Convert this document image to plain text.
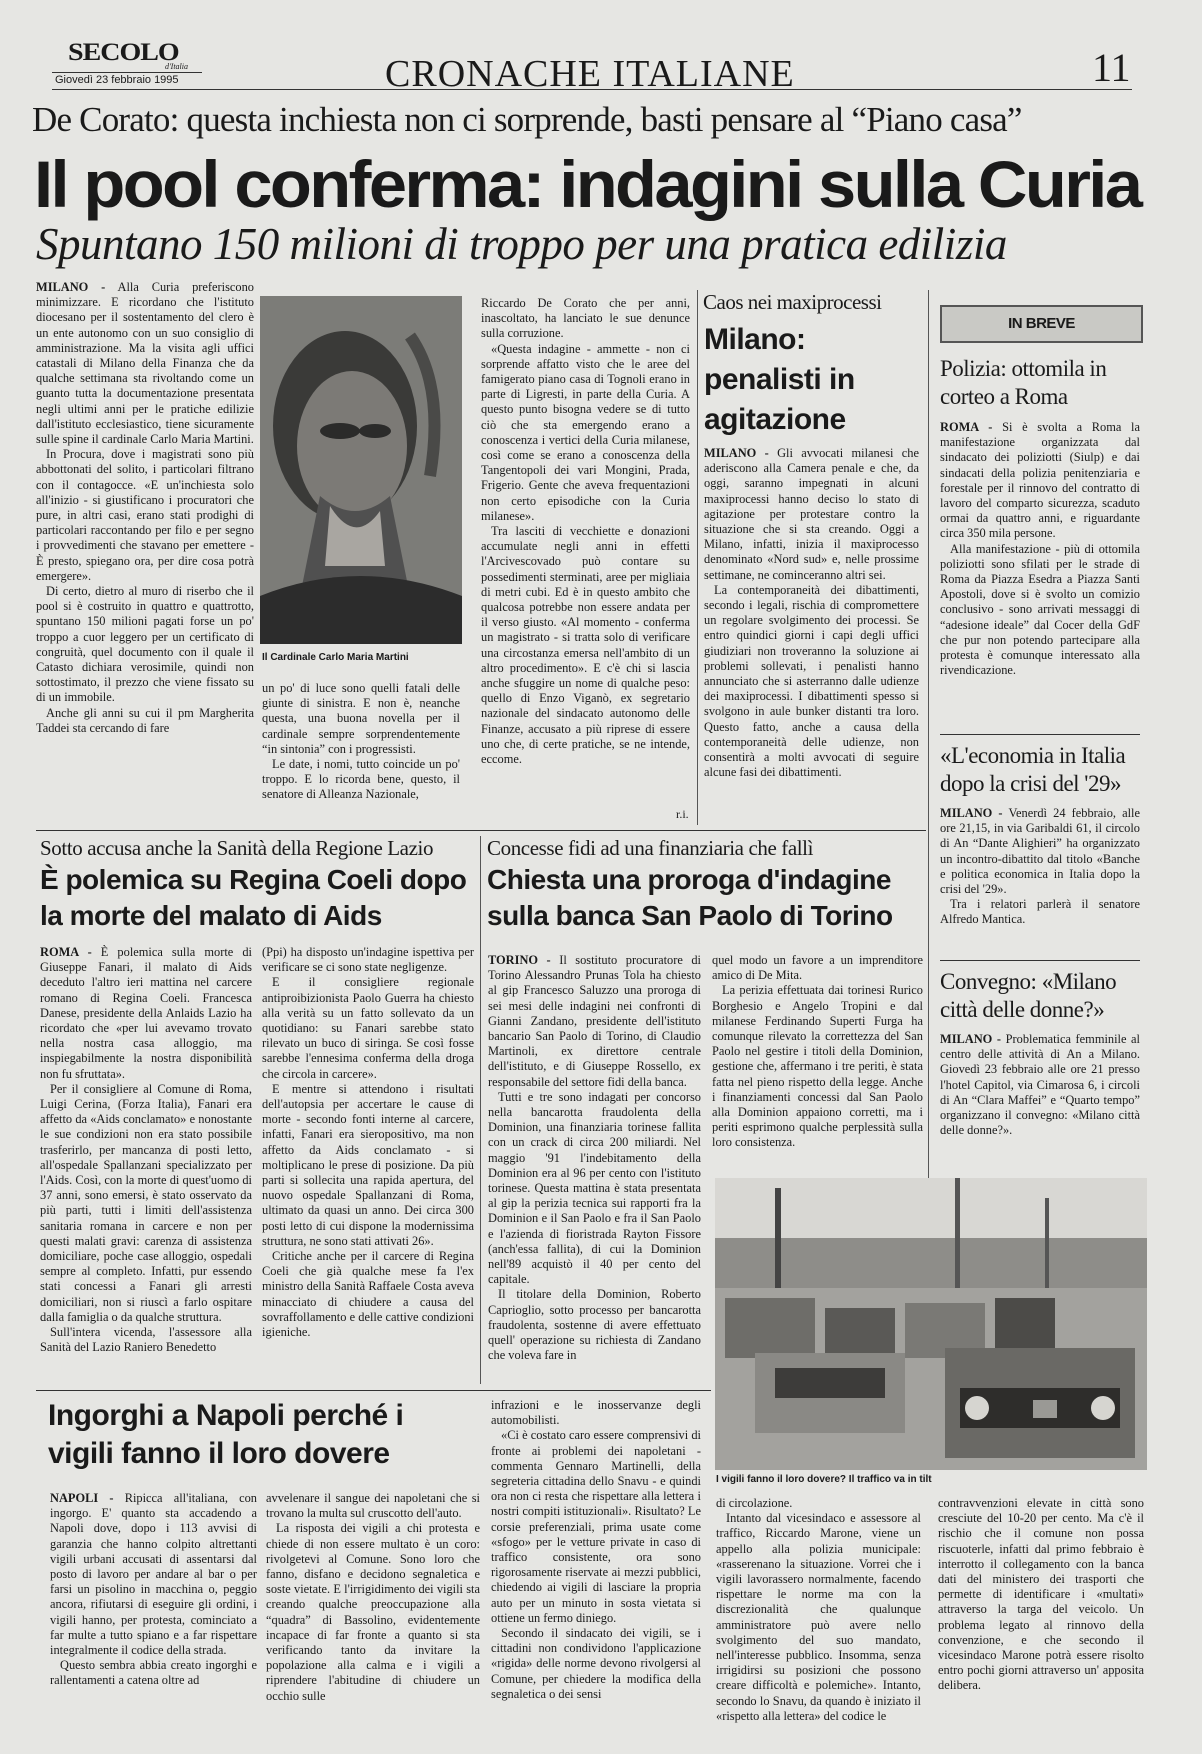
SECOLO
d'Italia
Giovedì 23 febbraio 1995	CRONACHE ITALIANE	11
De Corato: questa inchiesta non ci sorprende, basti pensare al “Piano casa”
Il pool conferma: indagini sulla Curia
Spuntano 150 milioni di troppo per una pratica edilizia

MILANO - Alla Curia preferiscono minimizzare. E ricordano che l'istituto diocesano per il sostentamento del clero è un ente autonomo con un suo consiglio di amministrazione. Ma la visita agli uffici catastali di Milano della Finanza che da qualche settimana sta rivoltando come un guanto tutta la documentazione presentata negli ultimi anni per le pratiche edilizie dall'istituto ecclesiastico, tiene sicuramente sulle spine il cardinale Carlo Maria Martini.

In Procura, dove i magistrati sono più abbottonati del solito, i particolari filtrano con il contagocce. «E un'inchiesta solo all'inizio - si giustificano i procuratori che pure, in altri casi, erano stati prodighi di particolari raccontando per filo e per segno i provvedimenti che stavano per emettere - È presto, spiegano ora, per dire cosa potrà emergere».

Di certo, dietro al muro di riserbo che il pool si è costruito in quattro e quattrotto, spuntano 150 milioni pagati forse un po' troppo a cuor leggero per un certificato di congruità, quel documento con il quale il Catasto dichiara verosimile, quindi non sottostimato, il prezzo che viene fissato su di un immobile.

Anche gli anni su cui il pm Margherita Taddei sta cercando di fare

Il Cardinale Carlo Maria Martini

un po' di luce sono quelli fatali delle giunte di sinistra. E non è, neanche questa, una buona novella per il cardinale sempre sorprendentemente “in sintonia” con i progressisti.

Le date, i nomi, tutto coincide un po' troppo. E lo ricorda bene, questo, il senatore di Alleanza Nazionale,

Riccardo De Corato che per anni, inascoltato, ha lanciato le sue denunce sulla corruzione.

«Questa indagine - ammette - non ci sorprende affatto visto che le aree del famigerato piano casa di Tognoli erano in parte di Ligresti, in parte della Curia. A questo punto bisogna vedere se di tutto ciò che sta emergendo erano a conoscenza i vertici della Curia milanese, così come se erano a conoscenza della Tangentopoli dei vari Mongini, Prada, Frigerio. Gente che aveva frequentazioni non certo episodiche con la Curia milanese».

Tra lasciti di vecchiette e donazioni accumulate negli anni in effetti l'Arcivescovado può contare su possedimenti sterminati, aree per migliaia di metri cubi. Ed è in questo ambito che qualcosa potrebbe non essere andata per il verso giusto. «Al momento - conferma un magistrato - si tratta solo di verificare una circostanza emersa nell'ambito di un altro procedimento». E c'è chi si lascia anche sfuggire un nome di qualche peso: quello di Enzo Viganò, ex segretario nazionale del sindacato autonomo delle Finanze, accusato a più riprese di essere uno che, di certe pratiche, se ne intende, eccome.

r.i.
Caos nei maxiprocessi
Milano: penalisti in agitazione

MILANO - Gli avvocati milanesi che aderiscono alla Camera penale e che, da oggi, saranno impegnati in alcuni maxiprocessi hanno deciso lo stato di agitazione per protestare contro la situazione che si sta creando. Oggi a Milano, infatti, inizia il maxiprocesso denominato «Nord sud» e, nelle prossime settimane, ne cominceranno altri sei.

La contemporaneità dei dibattimenti, secondo i legali, rischia di compromettere un regolare svolgimento dei processi. Se entro quindici giorni i capi degli uffici giudiziari non troveranno la soluzione ai problemi sollevati, i penalisti hanno annunciato che si asterranno dalle udienze dei maxiprocessi. I dibattimenti spesso si svolgono in aule bunker distanti tra loro. Questo fatto, anche a causa della contemporaneità delle udienze, non consentirà a molti avvocati di seguire alcune fasi dei dibattimenti.

IN BREVE
Polizia: ottomila in corteo a Roma

ROMA - Si è svolta a Roma la manifestazione organizzata dal sindacato dei poliziotti (Siulp) e dai sindacati della polizia penitenziaria e forestale per il rinnovo del contratto di lavoro del comparto sicurezza, scaduto ormai da quattro anni, e riguardante circa 350 mila persone.

Alla manifestazione - più di ottomila poliziotti sono sfilati per le strade di Roma da Piazza Esedra a Piazza Santi Apostoli, dove si è svolto un comizio conclusivo - sono arrivati messaggi di “adesione ideale” dal Cocer della GdF che pur non potendo partecipare alla protesta è comunque interessato alla rivendicazione.

«L'economia in Italia dopo la crisi del '29»

MILANO - Venerdì 24 febbraio, alle ore 21,15, in via Garibaldi 61, il circolo di An “Dante Alighieri” ha organizzato un incontro-dibattito dal titolo «Banche e politica economica in Italia dopo la crisi del '29».

Tra i relatori parlerà il senatore Alfredo Mantica.

Convegno: «Milano città delle donne?»

MILANO - Problematica femminile al centro delle attività di An a Milano. Giovedì 23 febbraio alle ore 21 presso l'hotel Capitol, via Cimarosa 6, i circoli di An “Clara Maffei” e “Quarto tempo” organizzano il convegno: «Milano città delle donne?».

Sotto accusa anche la Sanità della Regione Lazio
È polemica su Regina Coeli dopo la morte del malato di Aids

ROMA - È polemica sulla morte di Giuseppe Fanari, il malato di Aids deceduto l'altro ieri mattina nel carcere romano di Regina Coeli. Francesca Danese, presidente della Anlaids Lazio ha ricordato che «per lui avevamo trovato nella nostra casa alloggio, ma inspiegabilmente la nostra disponibilità non fu sfruttata».

Per il consigliere al Comune di Roma, Luigi Cerina, (Forza Italia), Fanari era affetto da «Aids conclamato» e nonostante le sue condizioni non era stato possibile trasferirlo, per mancanza di posti letto, all'ospedale Spallanzani specializzato per l'Aids. Così, con la morte di quest'uomo di 37 anni, sono emersi, è stato osservato da più parti, tutti i limiti dell'assistenza sanitaria romana in carcere e non per questi malati gravi: carenza di assistenza domiciliare, poche case alloggio, ospedali sempre al completo. Infatti, pur essendo stati concessi a Fanari gli arresti domiciliari, non si riuscì a farlo ospitare dalla famiglia o da qualche struttura.

Sull'intera vicenda, l'assessore alla Sanità del Lazio Raniero Benedetto

(Ppi) ha disposto un'indagine ispettiva per verificare se ci sono state negligenze.

E il consigliere regionale antiproibizionista Paolo Guerra ha chiesto alla verità su un fatto sollevato da un quotidiano: su Fanari sarebbe stato rilevato un buco di siringa. Se così fosse sarebbe l'ennesima conferma della droga che circola in carcere».

E mentre si attendono i risultati dell'autopsia per accertare le cause di morte - secondo fonti interne al carcere, infatti, Fanari era sieropositivo, ma non affetto da Aids conclamato - si moltiplicano le prese di posizione. Da più parti si sollecita una rapida apertura, del nuovo ospedale Spallanzani di Roma, ultimato da quasi un anno. Dei circa 300 posti letto di cui dispone la modernissima struttura, ne sono stati attivati 26».

Critiche anche per il carcere di Regina Coeli che già qualche mese fa l'ex ministro della Sanità Raffaele Costa aveva minacciato di chiudere a causa del sovraffollamento e delle cattive condizioni igieniche.

Concesse fidi ad una finanziaria che fallì
Chiesta una proroga d'indagine sulla banca San Paolo di Torino

TORINO - Il sostituto procuratore di Torino Alessandro Prunas Tola ha chiesto al gip Francesco Saluzzo una proroga di sei mesi delle indagini nei confronti di Gianni Zandano, presidente dell'istituto bancario San Paolo di Torino, di Claudio Martinoli, ex direttore centrale dell'istituto, e di Giuseppe Rossello, ex responsabile del settore fidi della banca.

Tutti e tre sono indagati per concorso nella bancarotta fraudolenta della Dominion, una finanziaria torinese fallita con un crack di circa 200 miliardi. Nel maggio '91 l'indebitamento della Dominion era al 96 per cento con l'istituto torinese. Questa mattina è stata presentata al gip la perizia tecnica sui rapporti fra la Dominion e il San Paolo e fra il San Paolo e l'azienda di fioristrada Rayton Fissore (anch'essa fallita), di cui la Dominion nell'89 acquistò il 40 per cento del capitale.

Il titolare della Dominion, Roberto Caprioglio, sotto processo per bancarotta fraudolenta, sostenne di avere effettuato quell' operazione su richiesta di Zandano che voleva fare in

quel modo un favore a un imprenditore amico di De Mita.

La perizia effettuata dai torinesi Rurico Borghesio e Angelo Tropini e dal milanese Ferdinando Superti Furga ha comunque rilevato la correttezza del San Paolo nel gestire i titoli della Dominion, gestione che, affermano i tre periti, è stata fatta nel pieno rispetto della legge. Anche i finanziamenti concessi dal San Paolo alla Dominion appaiono corretti, ma i periti esprimono qualche perplessità sulla loro consistenza.

I vigili fanno il loro dovere? Il traffico va in tilt
Ingorghi a Napoli perché i vigili fanno il loro dovere

NAPOLI - Ripicca all'italiana, con ingorgo. E' quanto sta accadendo a Napoli dove, dopo i 113 avvisi di garanzia che hanno colpito altrettanti vigili urbani accusati di assentarsi dal posto di lavoro per andare al bar o per farsi un pisolino in macchina o, peggio ancora, rifiutarsi di eseguire gli ordini, i vigili hanno, per protesta, cominciato a far multe a tutto spiano e a far rispettare integralmente il codice della strada.

Questo sembra abbia creato ingorghi e rallentamenti a catena oltre ad

avvelenare il sangue dei napoletani che si trovano la multa sul cruscotto dell'auto.

La risposta dei vigili a chi protesta e chiede di non essere multato è un coro: rivolgetevi al Comune. Sono loro che fanno, disfano e decidono segnaletica e soste vietate. E l'irrigidimento dei vigili sta creando qualche preoccupazione alla “quadra” di Bassolino, evidentemente incapace di far fronte a quanto si sta verificando tanto da invitare la popolazione alla calma e i vigili a riprendere l'abitudine di chiudere un occhio sulle

infrazioni e le inosservanze degli automobilisti.

«Ci è costato caro essere comprensivi di fronte ai problemi dei napoletani - commenta Gennaro Martinelli, della segreteria cittadina dello Snavu - e quindi ora non ci resta che rispettare alla lettera i nostri compiti istituzionali». Risultato? Le corsie preferenziali, prima usate come «sfogo» per le vetture private in caso di traffico consistente, ora sono rigorosamente riservate ai mezzi pubblici, chiedendo ai vigili di lasciare la propria auto per un minuto in sosta vietata si ottiene un fermo diniego.

Secondo il sindacato dei vigili, se i cittadini non condividono l'applicazione «rigida» delle norme devono rivolgersi al Comune, per chiedere la modifica della segnaletica o dei sensi

di circolazione.

Intanto dal vicesindaco e assessore al traffico, Riccardo Marone, viene un appello alla polizia municipale: «rasserenano la situazione. Vorrei che i vigili lavorassero normalmente, facendo rispettare le norme ma con la discrezionalità che qualunque amministratore può avere nello svolgimento del suo mandato, nell'interesse pubblico. Insomma, senza irrigidirsi su posizioni che possono creare difficoltà e polemiche». Intanto, secondo lo Snavu, da quando è iniziato il «rispetto alla lettera» del codice le

contravvenzioni elevate in città sono cresciute del 10-20 per cento. Ma c'è il rischio che il comune non possa riscuoterle, infatti dal primo febbraio è interrotto il collegamento con la banca dati del ministero dei trasporti che permette di identificare i «multati» attraverso la targa del veicolo. Un problema legato al rinnovo della convenzione, e che secondo il vicesindaco Marone potrà essere risolto entro pochi giorni attraverso un' apposita delibera.
